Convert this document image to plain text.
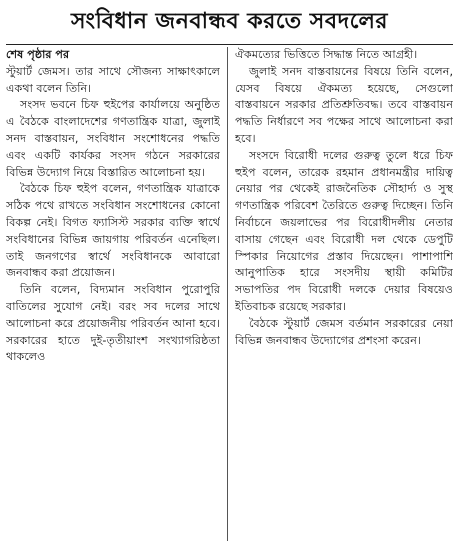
সংবিধান জনবান্ধব করতে সবদলের

শেষ পৃষ্ঠার পর

স্টুয়ার্ট জেমস। তার সাথে সৌজন্য সাক্ষাৎকালে একথা বলেন তিনি।

সংসদ ভবনে চিফ হুইপের কার্যালয়ে অনুষ্ঠিত এ বৈঠকে বাংলাদেশের গণতান্ত্রিক যাত্রা, জুলাই সনদ বাস্তবায়ন, সংবিধান সংশোধনের পদ্ধতি এবং একটি কার্যকর সংসদ গঠনে সরকারের বিভিন্ন উদ্যোগ নিয়ে বিস্তারিত আলোচনা হয়।

বৈঠকে চিফ হুইপ বলেন, গণতান্ত্রিক যাত্রাকে সঠিক পথে রাখতে সংবিধান সংশোধনের কোনো বিকল্প নেই। বিগত ফ্যাসিস্ট সরকার ব্যক্তি স্বার্থে সংবিধানের বিভিন্ন জায়গায় পরিবর্তন এনেছিল। তাই জনগণের স্বার্থে সংবিধানকে আবারো জনবান্ধব করা প্রয়োজন।

তিনি বলেন, বিদ্যমান সংবিধান পুরোপুরি বাতিলের সুযোগ নেই। বরং সব দলের সাথে আলোচনা করে প্রয়োজনীয় পরিবর্তন আনা হবে। সরকারের হাতে দুই-তৃতীয়াংশ সংখ্যাগরিষ্ঠতা থাকলেও

ঐকমত্যের ভিত্তিতে সিদ্ধান্ত নিতে আগ্রহী।

জুলাই সনদ বাস্তবায়নের বিষয়ে তিনি বলেন, যেসব বিষয়ে ঐকমত্য হয়েছে, সেগুলো বাস্তবায়নে সরকার প্রতিশ্রুতিবদ্ধ। তবে বাস্তবায়ন পদ্ধতি নির্ধারণে সব পক্ষের সাথে আলোচনা করা হবে।

সংসদে বিরোধী দলের গুরুত্ব তুলে ধরে চিফ হুইপ বলেন, তারেক রহমান প্রধানমন্ত্রীর দায়িত্ব নেয়ার পর থেকেই রাজনৈতিক সৌহার্দ্য ও সুস্থ গণতান্ত্রিক পরিবেশ তৈরিতে গুরুত্ব দিচ্ছেন। তিনি নির্বাচনে জয়লাভের পর বিরোধীদলীয় নেতার বাসায় গেছেন এবং বিরোধী দল থেকে ডেপুটি স্পিকার নিয়োগের প্রস্তাব দিয়েছেন। পাশাপাশি আনুপাতিক হারে সংসদীয় স্থায়ী কমিটির সভাপতির পদ বিরোধী দলকে দেয়ার বিষয়েও ইতিবাচক রয়েছে সরকার।

বৈঠকে স্টুয়ার্ট জেমস বর্তমান সরকারের নেয়া বিভিন্ন জনবান্ধব উদ্যোগের প্রশংসা করেন।
